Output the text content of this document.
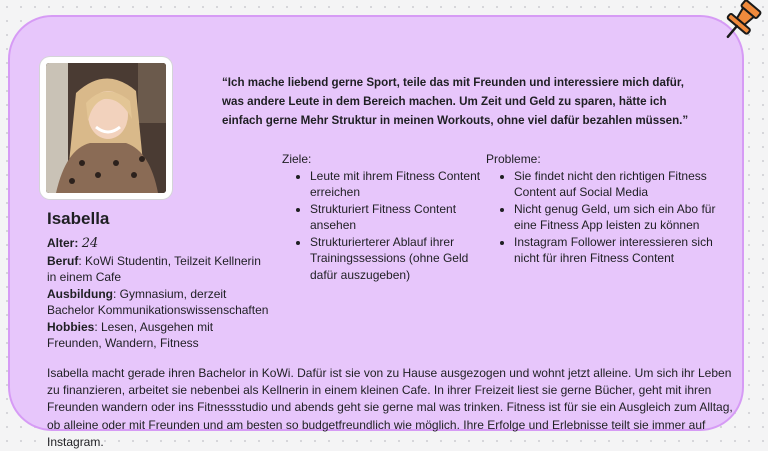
Isabella

Alter: 24

Beruf: KoWi Studentin, Teilzeit Kellnerin in einem Cafe

Ausbildung: Gymnasium, derzeit Bachelor Kommunikationswissenschaften

Hobbies: Lesen, Ausgehen mit Freunden, Wandern, Fitness

“Ich mache liebend gerne Sport, teile das mit Freunden und interessiere mich dafür, was andere Leute in dem Bereich machen. Um Zeit und Geld zu sparen, hätte ich einfach gerne Mehr Struktur in meinen Workouts, ohne viel dafür bezahlen müssen.”

Ziele:
• Leute mit ihrem Fitness Content erreichen
• Strukturiert Fitness Content ansehen
• Strukturierterer Ablauf ihrer Trainingssessions (ohne Geld dafür auszugeben)
Probleme:
• Sie findet nicht den richtigen Fitness Content auf Social Media
• Nicht genug Geld, um sich ein Abo für eine Fitness App leisten zu können
• Instagram Follower interessieren sich nicht für ihren Fitness Content

Isabella macht gerade ihren Bachelor in KoWi. Dafür ist sie von zu Hause ausgezogen und wohnt jetzt alleine. Um sich ihr Leben zu finanzieren, arbeitet sie nebenbei als Kellnerin in einem kleinen Cafe. In ihrer Freizeit liest sie gerne Bücher, geht mit ihren Freunden wandern oder ins Fitnessstudio und abends geht sie gerne mal was trinken. Fitness ist für sie ein Ausgleich zum Alltag, ob alleine oder mit Freunden und am besten so budgetfreundlich wie möglich. Ihre Erfolge und Erlebnisse teilt sie immer auf Instagram.
